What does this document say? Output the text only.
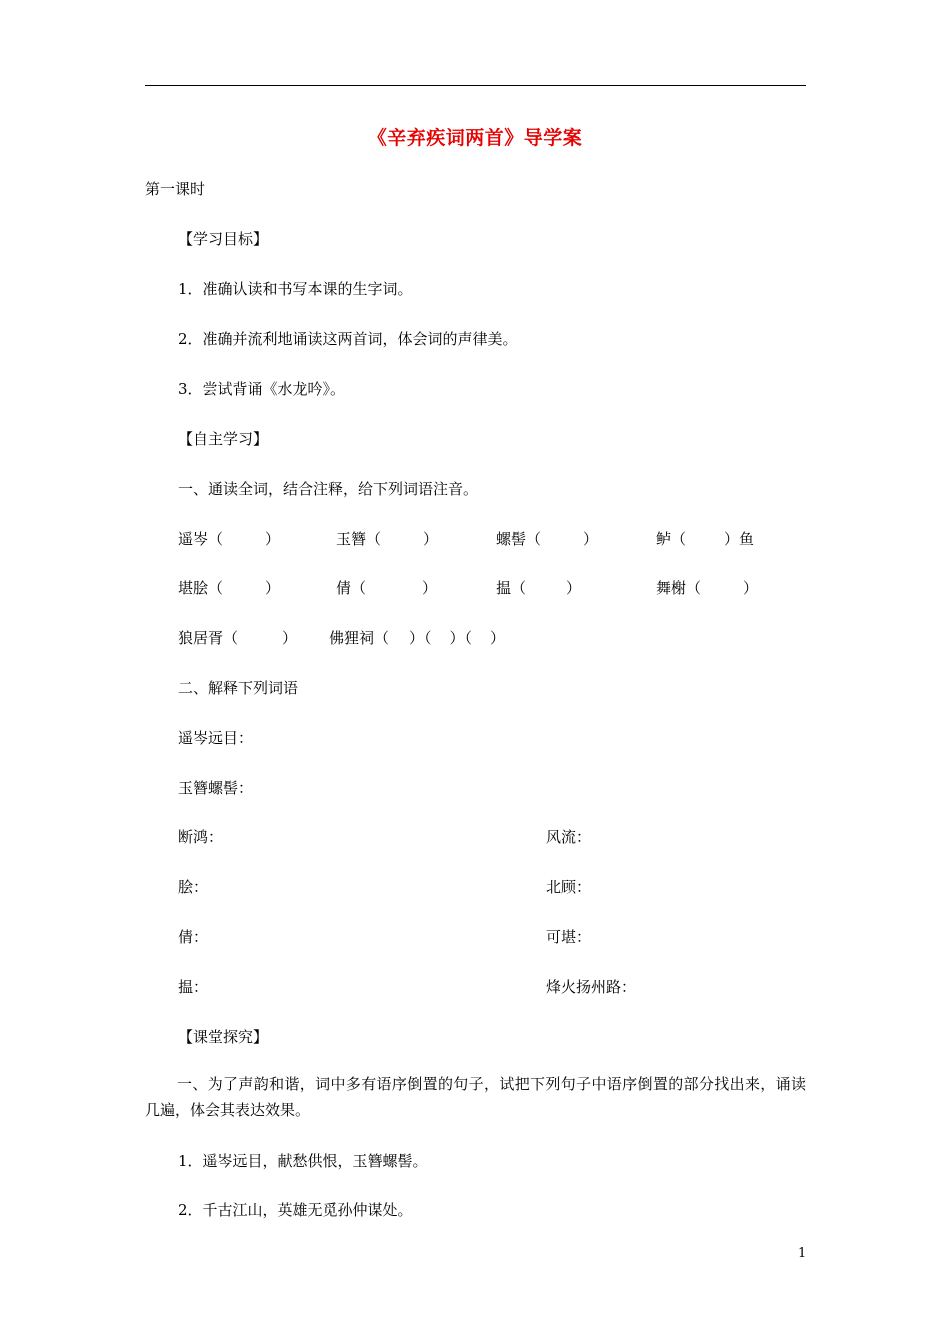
《辛弃疾词两首》导学案
第一课时
【学习目标】
1．准确认读和书写本课的生字词。
2．准确并流利地诵读这两首词，体会词的声律美。
3．尝试背诵《水龙吟》。
【自主学习】
一、通读全词，结合注释，给下列词语注音。
遥岑（	）	玉簪（	）	螺髻（	）	鲈（	）鱼
堪脍（	）	倩（	）	揾（	）	舞榭（	）
狼居胥（	） 佛狸祠（ ）（ ）（ ）
二、解释下列词语
遥岑远目：
玉簪螺髻：
断鸿：	风流：
脍：	北顾：
倩：	可堪：
揾：	烽火扬州路：
【课堂探究】
一、为了声韵和谐，词中多有语序倒置的句子，试把下列句子中语序倒置的部分找出来，诵读几遍，体会其表达效果。
1．遥岑远目，献愁供恨，玉簪螺髻。
2．千古江山，英雄无觅孙仲谋处。
1
